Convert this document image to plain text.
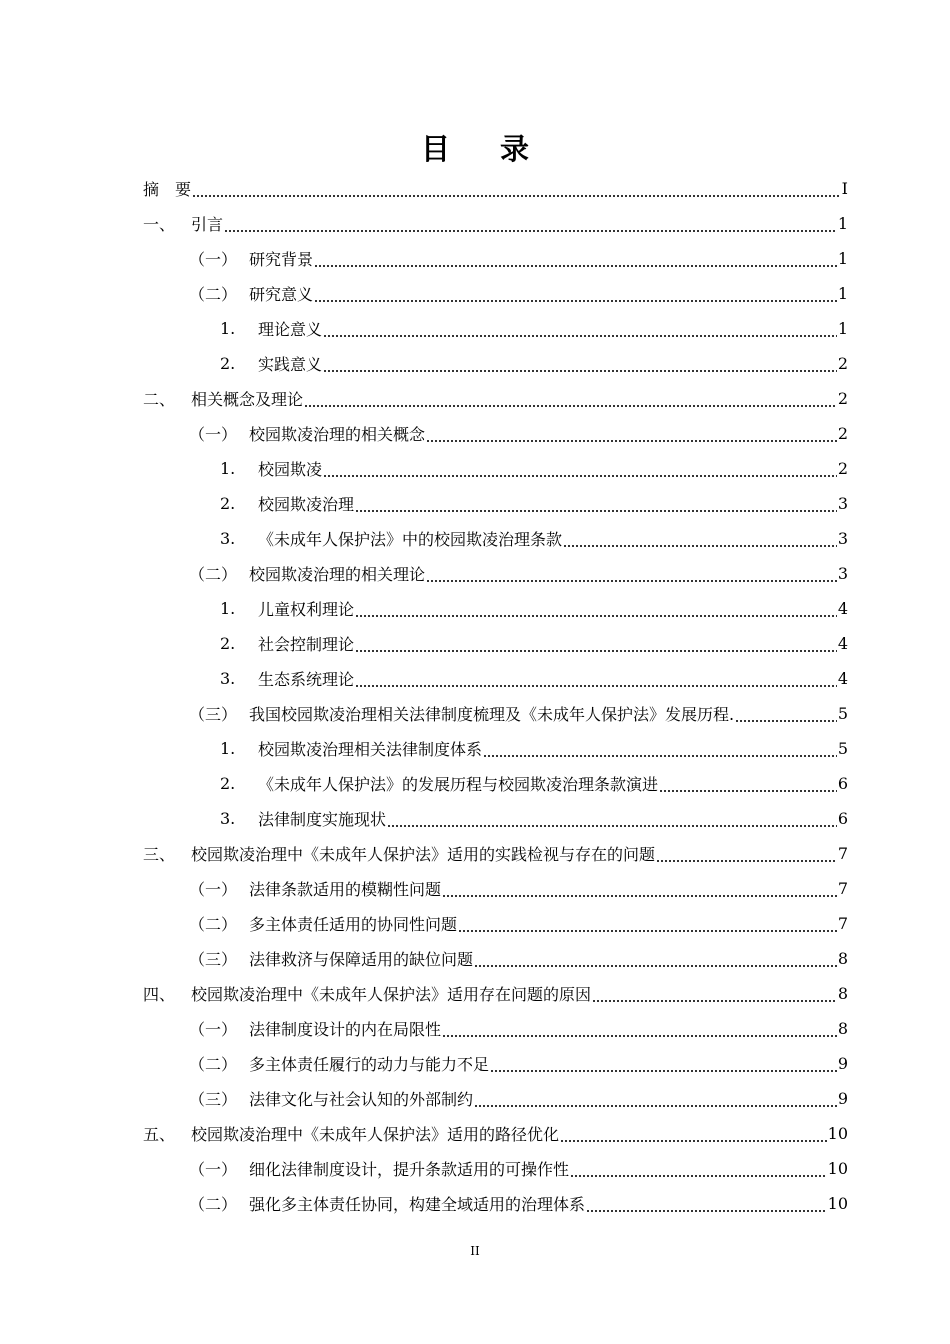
目录
摘　要	I
一、 引言	1
（一） 研究背景	1
（二） 研究意义	1
1.	理论意义	1
2.	实践意义	2
二、 相关概念及理论	2
（一） 校园欺凌治理的相关概念	2
1.	校园欺凌	2
2.	校园欺凌治理	3
3.	《未成年人保护法》中的校园欺凌治理条款	3
（二） 校园欺凌治理的相关理论	3
1.	儿童权利理论	4
2.	社会控制理论	4
3.	生态系统理论	4
（三） 我国校园欺凌治理相关法律制度梳理及《未成年人保护法》发展历程.	5
1.	校园欺凌治理相关法律制度体系	5
2.	《未成年人保护法》的发展历程与校园欺凌治理条款演进	6
3.	法律制度实施现状	6
三、 校园欺凌治理中《未成年人保护法》适用的实践检视与存在的问题	7
（一） 法律条款适用的模糊性问题	7
（二） 多主体责任适用的协同性问题	7
（三） 法律救济与保障适用的缺位问题	8
四、 校园欺凌治理中《未成年人保护法》适用存在问题的原因	8
（一） 法律制度设计的内在局限性	8
（二） 多主体责任履行的动力与能力不足	9
（三） 法律文化与社会认知的外部制约	9
五、 校园欺凌治理中《未成年人保护法》适用的路径优化	10
（一） 细化法律制度设计，提升条款适用的可操作性	10
（二） 强化多主体责任协同，构建全域适用的治理体系	10
II
